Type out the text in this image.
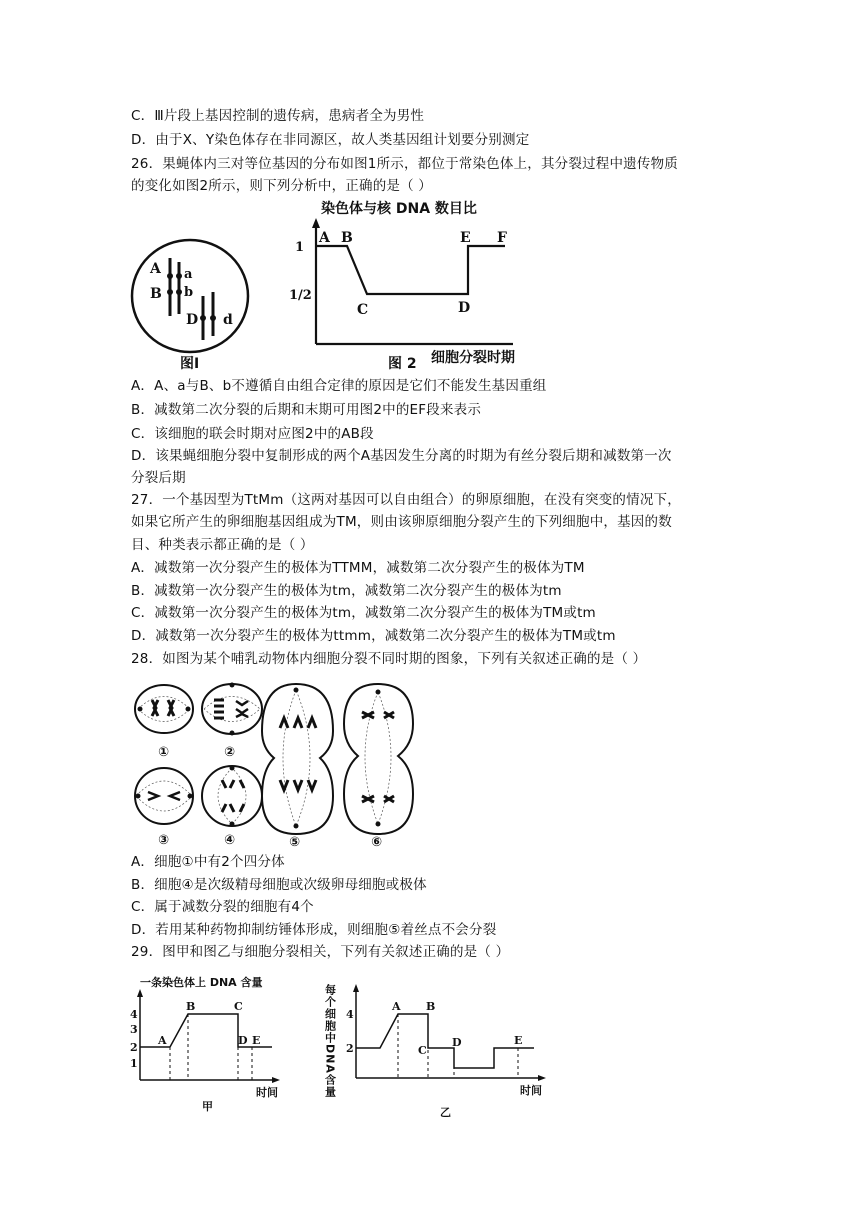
C．Ⅲ片段上基因控制的遗传病，患病者全为男性
D．由于X、Y染色体存在非同源区，故人类基因组计划要分别测定
26．果蝇体内三对等位基因的分布如图1所示，都位于常染色体上，其分裂过程中遗传物质
的变化如图2所示，则下列分析中，正确的是（ ）
A a
B b
D d
图Ⅰ
染色体与核 DNA 数目比
1
1/2
A B
C	D
E F
图 2 细胞分裂时期
A．A、a与B、b不遵循自由组合定律的原因是它们不能发生基因重组
B．减数第二次分裂的后期和末期可用图2中的EF段来表示
C．该细胞的联会时期对应图2中的AB段
D．该果蝇细胞分裂中复制形成的两个A基因发生分离的时期为有丝分裂后期和减数第一次
分裂后期
27．一个基因型为TtMm（这两对基因可以自由组合）的卵原细胞，在没有突变的情况下，
如果它所产生的卵细胞基因组成为TM，则由该卵原细胞分裂产生的下列细胞中，基因的数
目、种类表示都正确的是（ ）
A．减数第一次分裂产生的极体为TTMM，减数第二次分裂产生的极体为TM
B．减数第一次分裂产生的极体为tm，减数第二次分裂产生的极体为tm
C．减数第一次分裂产生的极体为tm，减数第二次分裂产生的极体为TM或tm
D．减数第一次分裂产生的极体为ttmm，减数第二次分裂产生的极体为TM或tm
28．如图为某个哺乳动物体内细胞分裂不同时期的图象，下列有关叙述正确的是（ ）
①	②
③	④	⑤	⑥
A．细胞①中有2个四分体
B．细胞④是次级精母细胞或次级卵母细胞或极体
C．属于减数分裂的细胞有4个
D．若用某种药物抑制纺锤体形成，则细胞⑤着丝点不会分裂
29．图甲和图乙与细胞分裂相关，下列有关叙述正确的是（ ）
一条染色体上 DNA 含量
4
3
2
1
A
B	C
D E
时间
甲
每个细胞中DNA含量 4
2
A B
C
D	E
时间
乙
